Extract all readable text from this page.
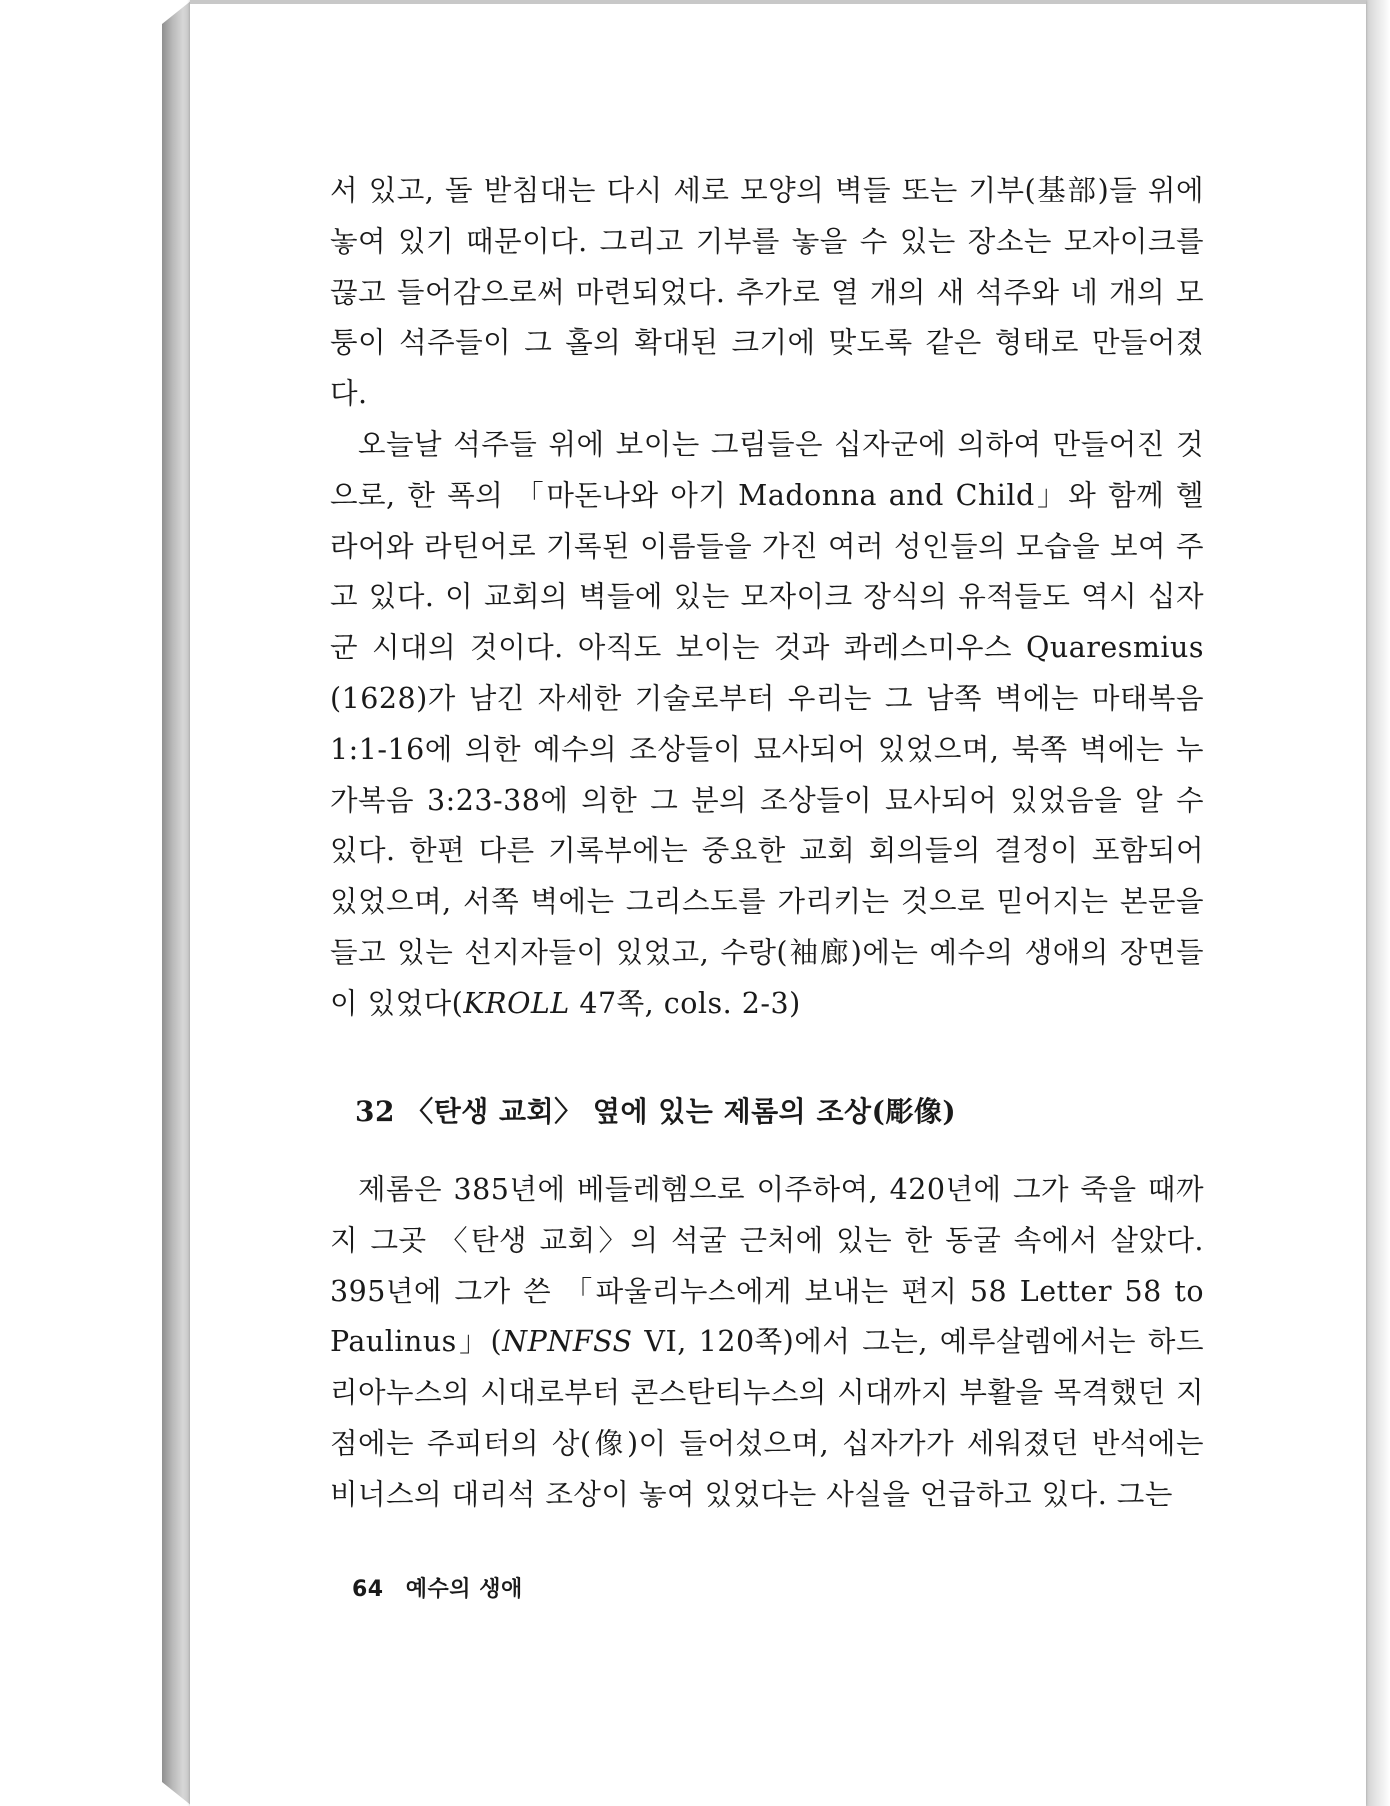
서 있고, 돌 받침대는 다시 세로 모양의 벽들 또는 기부(基部)들 위에 놓여 있기 때문이다. 그리고 기부를 놓을 수 있는 장소는 모자이크를 끊고 들어감으로써 마련되었다. 추가로 열 개의 새 석주와 네 개의 모퉁이 석주들이 그 홀의 확대된 크기에 맞도록 같은 형태로 만들어졌다.

오늘날 석주들 위에 보이는 그림들은 십자군에 의하여 만들어진 것으로, 한 폭의 「마돈나와 아기 Madonna and Child」와 함께 헬라어와 라틴어로 기록된 이름들을 가진 여러 성인들의 모습을 보여 주고 있다. 이 교회의 벽들에 있는 모자이크 장식의 유적들도 역시 십자군 시대의 것이다. 아직도 보이는 것과 콰레스미우스 Quaresmius (1628)가 남긴 자세한 기술로부터 우리는 그 남쪽 벽에는 마태복음 1:1-16에 의한 예수의 조상들이 묘사되어 있었으며, 북쪽 벽에는 누가복음 3:23-38에 의한 그 분의 조상들이 묘사되어 있었음을 알 수 있다. 한편 다른 기록부에는 중요한 교회 회의들의 결정이 포함되어 있었으며, 서쪽 벽에는 그리스도를 가리키는 것으로 믿어지는 본문을 들고 있는 선지자들이 있었고, 수랑(袖廊)에는 예수의 생애의 장면들이 있었다(KROLL 47쪽, cols. 2-3)

32 〈탄생 교회〉 옆에 있는 제롬의 조상(彫像)

제롬은 385년에 베들레헴으로 이주하여, 420년에 그가 죽을 때까지 그곳 〈탄생 교회〉의 석굴 근처에 있는 한 동굴 속에서 살았다. 395년에 그가 쓴 「파울리누스에게 보내는 편지 58 Letter 58 to Paulinus」(NPNFSS VI, 120쪽)에서 그는, 예루살렘에서는 하드리아누스의 시대로부터 콘스탄티누스의 시대까지 부활을 목격했던 지점에는 주피터의 상(像)이 들어섰으며, 십자가가 세워졌던 반석에는 비너스의 대리석 조상이 놓여 있었다는 사실을 언급하고 있다. 그는

64 예수의 생애
